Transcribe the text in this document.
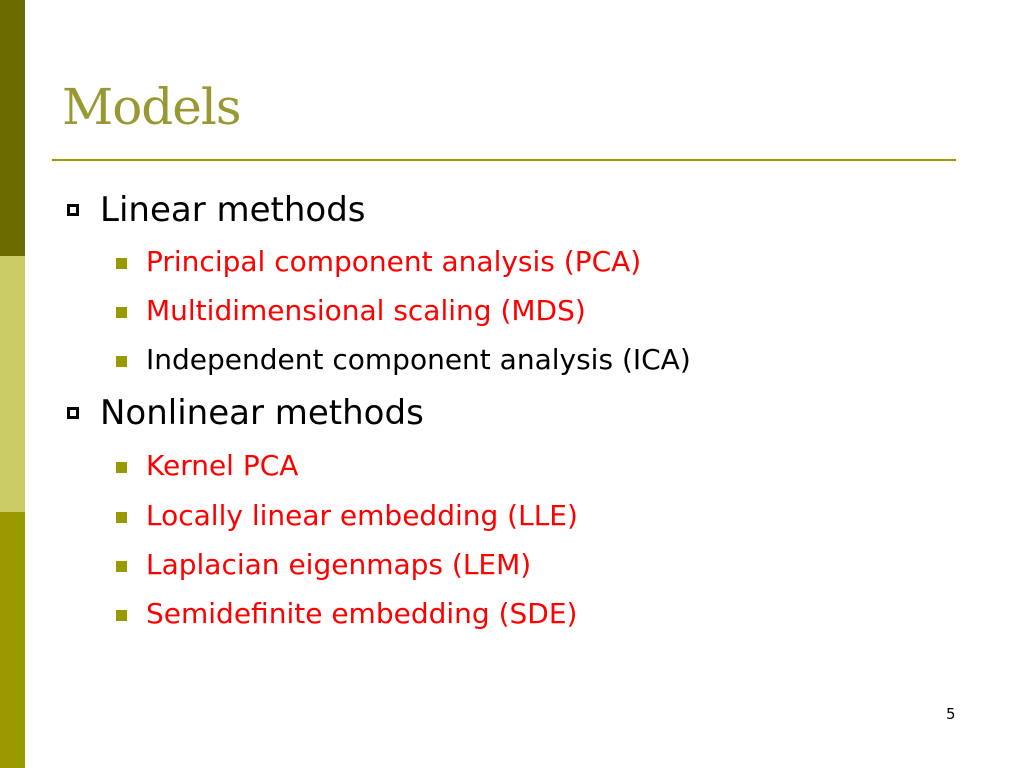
Models
Linear methods
Principal component analysis (PCA)
Multidimensional scaling (MDS)
Independent component analysis (ICA)
Nonlinear methods
Kernel PCA
Locally linear embedding (LLE)
Laplacian eigenmaps (LEM)
Semidefinite embedding (SDE)
5
